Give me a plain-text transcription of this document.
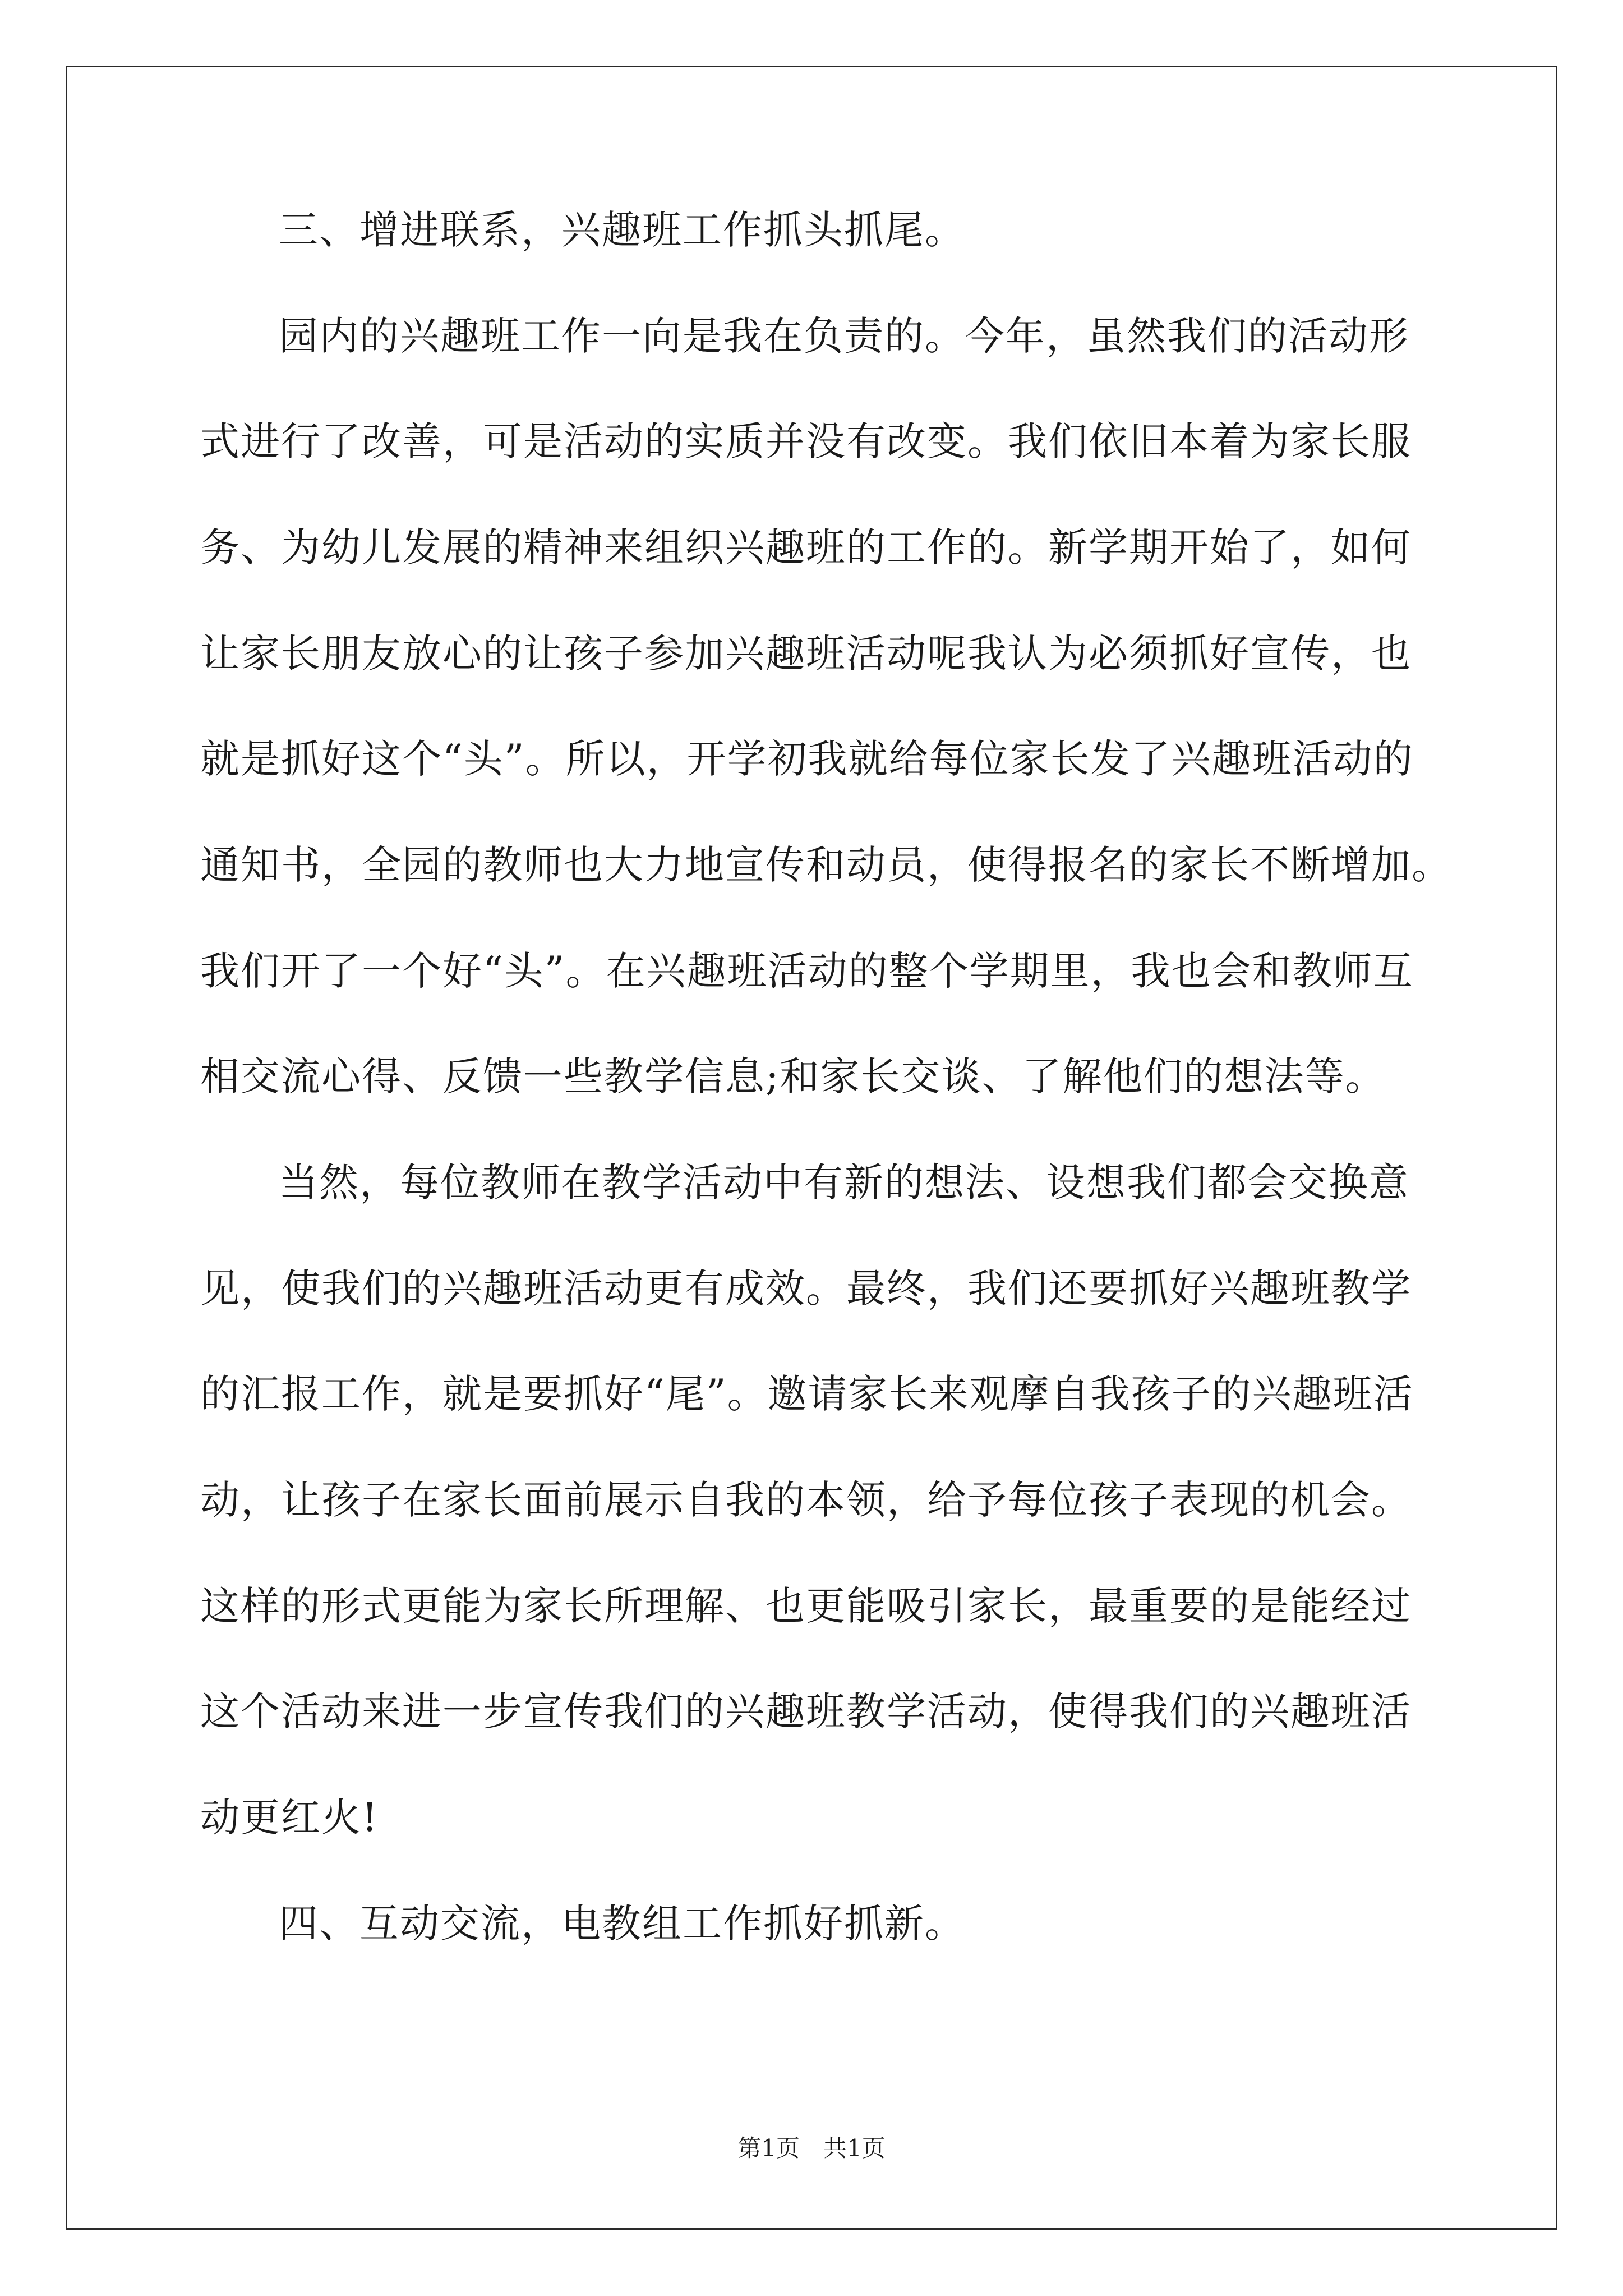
三、增进联系，兴趣班工作抓头抓尾。
园内的兴趣班工作一向是我在负责的。今年，虽然我们的活动形
式进行了改善，可是活动的实质并没有改变。我们依旧本着为家长服
务、为幼儿发展的精神来组织兴趣班的工作的。新学期开始了，如何
让家长朋友放心的让孩子参加兴趣班活动呢我认为必须抓好宣传，也
就是抓好这个“头”。所以，开学初我就给每位家长发了兴趣班活动的
通知书，全园的教师也大力地宣传和动员，使得报名的家长不断增加。
我们开了一个好“头”。在兴趣班活动的整个学期里，我也会和教师互
相交流心得、反馈一些教学信息;和家长交谈、了解他们的想法等。
当然，每位教师在教学活动中有新的想法、设想我们都会交换意
见，使我们的兴趣班活动更有成效。最终，我们还要抓好兴趣班教学
的汇报工作，就是要抓好“尾”。邀请家长来观摩自我孩子的兴趣班活
动，让孩子在家长面前展示自我的本领，给予每位孩子表现的机会。
这样的形式更能为家长所理解、也更能吸引家长，最重要的是能经过
这个活动来进一步宣传我们的兴趣班教学活动，使得我们的兴趣班活
动更红火!
四、互动交流，电教组工作抓好抓新。
第1页　共1页
